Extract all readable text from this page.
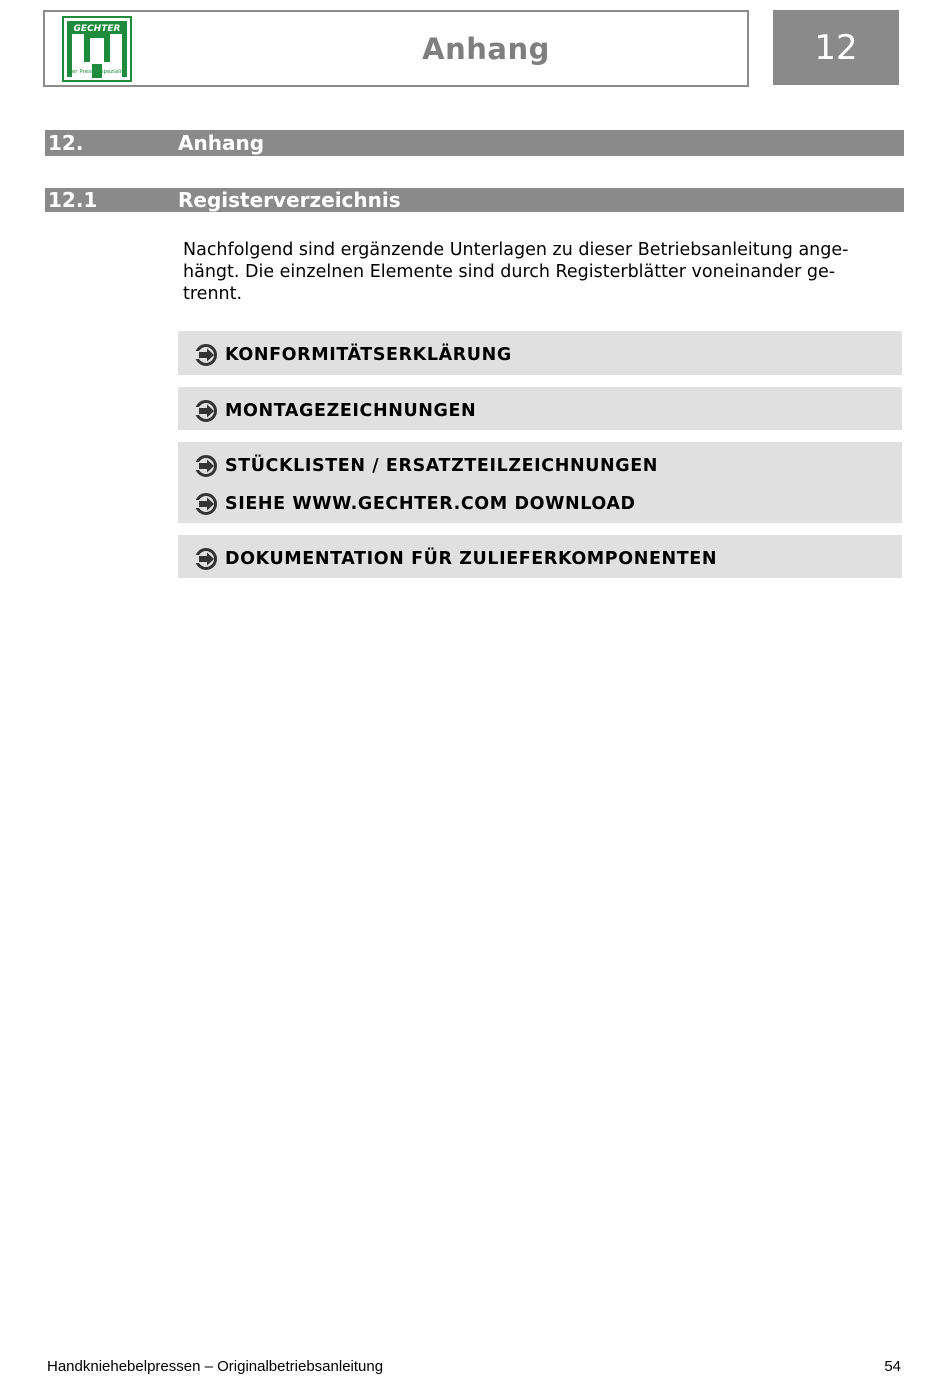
GECHTER
Der Pressenspezialist
Anhang	12
12.	Anhang
12.1	Registerverzeichnis

Nachfolgend sind ergänzende Unterlagen zu dieser Betriebsanleitung ange-
hängt. Die einzelnen Elemente sind durch Registerblätter voneinander ge-
trennt.

KONFORMITÄTSERKLÄRUNG
MONTAGEZEICHNUNGEN
STÜCKLISTEN / ERSATZTEILZEICHNUNGEN
SIEHE WWW.GECHTER.COM DOWNLOAD
DOKUMENTATION FÜR ZULIEFERKOMPONENTEN
Handkniehebelpressen – Originalbetriebsanleitung	54
